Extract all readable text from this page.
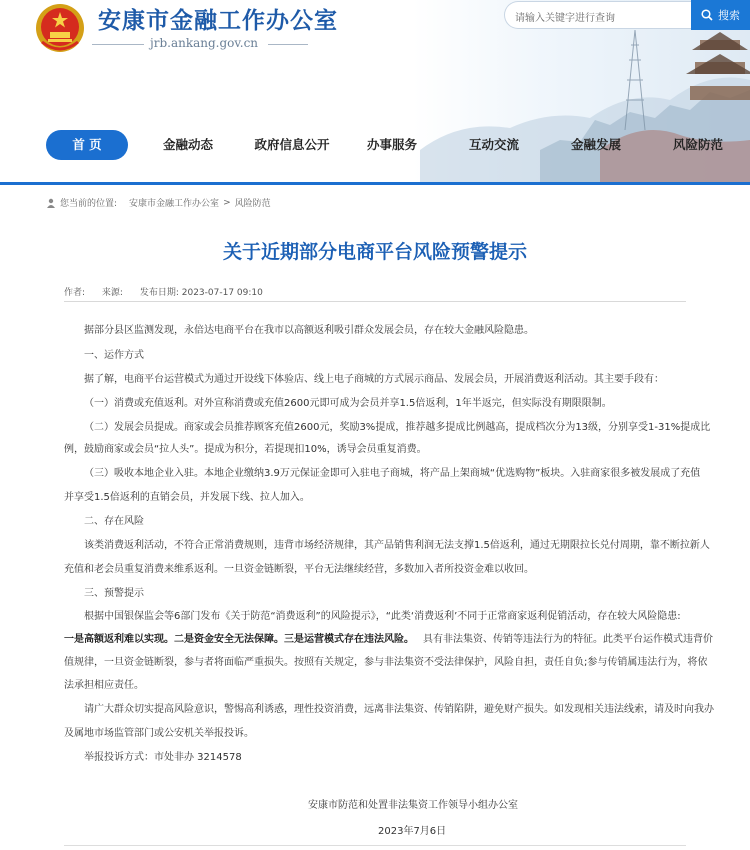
安康市金融工作办公室
jrb.ankang.gov.cn
请输入关键字进行查询	搜索
首 页	金融动态	政府信息公开	办事服务	互动交流	金融发展	风险防范
您当前的位置: 安康市金融工作办公室 > 风险防范
关于近期部分电商平台风险预警提示
作者: 来源: 发布日期: 2023-07-17 09:10
据部分县区监测发现，永倍达电商平台在我市以高额返利吸引群众发展会员，存在较大金融风险隐患。
一、运作方式
据了解，电商平台运营模式为通过开设线下体验店、线上电子商城的方式展示商品、发展会员，开展消费返利活动。其主要手段有：
（一）消费或充值返利。对外宣称消费或充值2600元即可成为会员并享1.5倍返利，1年半返完，但实际没有期限限制。
（二）发展会员提成。商家或会员推荐顾客充值2600元，奖励3%提成，推荐越多提成比例越高，提成档次分为13级，分别享受1-31%提成比
例，鼓励商家或会员“拉人头”。提成为积分，若提现扣10%，诱导会员重复消费。
（三）吸收本地企业入驻。本地企业缴纳3.9万元保证金即可入驻电子商城，将产品上架商城“优选购物”板块。入驻商家很多被发展成了充值
并享受1.5倍返利的直销会员，并发展下线、拉人加入。
二、存在风险
该类消费返利活动，不符合正常消费规则，违背市场经济规律，其产品销售利润无法支撑1.5倍返利，通过无期限拉长兑付周期，靠不断拉新人
充值和老会员重复消费来维系返利。一旦资金链断裂，平台无法继续经营，多数加入者所投资金难以收回。
三、预警提示
根据中国银保监会等6部门发布《关于防范“消费返利”的风险提示》，“此类‘消费返利’不同于正常商家返利促销活动，存在较大风险隐患:
一是高额返利难以实现。二是资金安全无法保障。三是运营模式存在违法风险。 具有非法集资、传销等违法行为的特征。此类平台运作模式违背价
值规律，一旦资金链断裂，参与者将面临严重损失。按照有关规定，参与非法集资不受法律保护，风险自担，责任自负;参与传销属违法行为，将依
法承担相应责任。
请广大群众切实提高风险意识，警惕高利诱惑，理性投资消费，远离非法集资、传销陷阱，避免财产损失。如发现相关违法线索，请及时向我办
及属地市场监管部门或公安机关举报投诉。
举报投诉方式：市处非办 3214578
安康市防范和处置非法集资工作领导小组办公室
2023年7月6日
